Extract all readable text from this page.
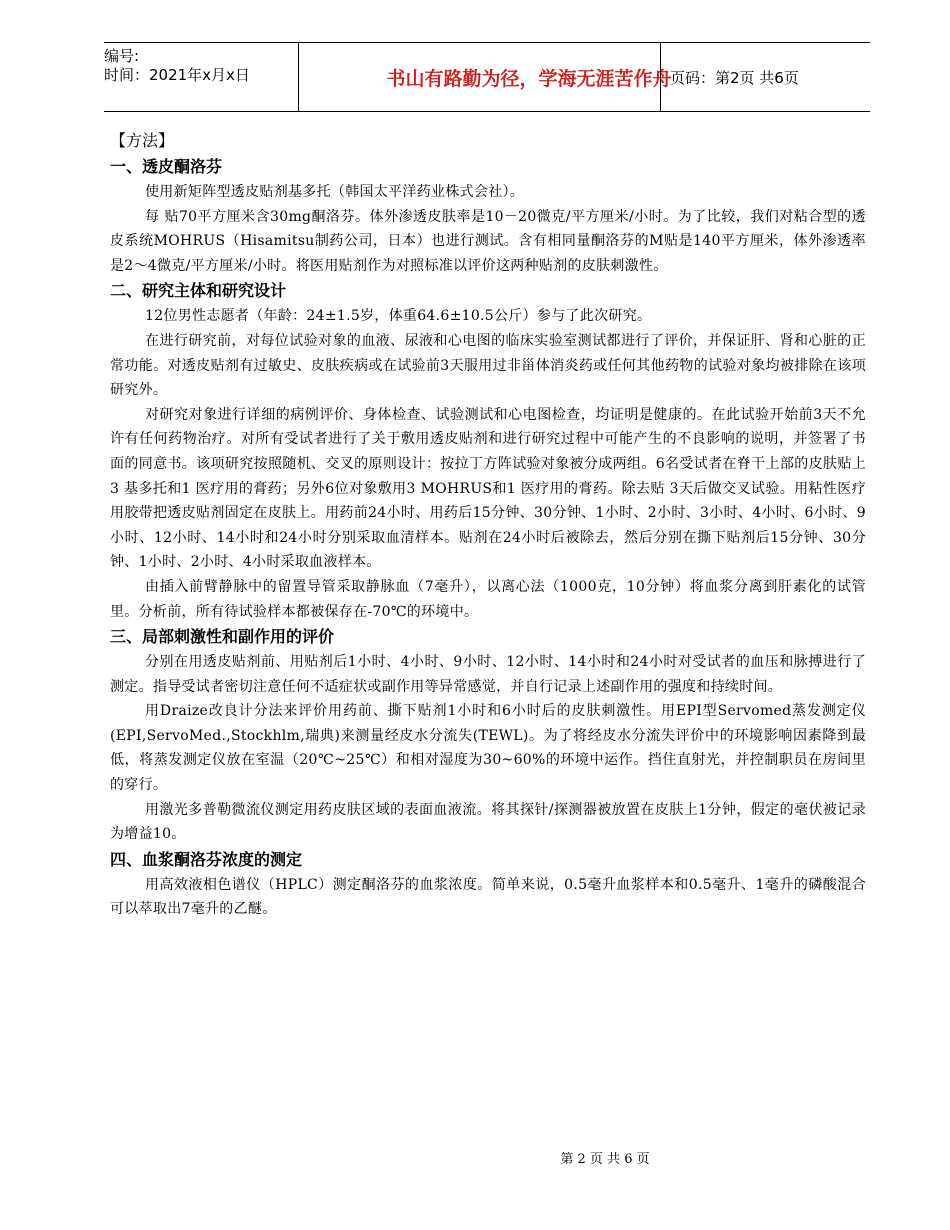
编号:
时间：2021年x月x日	书山有路勤为径，学海无涯苦作舟
页码：第2页 共6页
【方法】
一、透皮酮洛芬

使用新矩阵型透皮贴剂基多托（韩国太平洋药业株式会社）。

每 贴70平方厘米含30mg酮洛芬。体外渗透皮肤率是10－20微克/平方厘米/小时。为了比较，我们对粘合型的透皮系统MOHRUS（Hisamitsu制药公司，日本）也进行测试。含有相同量酮洛芬的M贴是140平方厘米，体外渗透率是2～4微克/平方厘米/小时。将医用贴剂作为对照标准以评价这两种贴剂的皮肤刺激性。

二、研究主体和研究设计

12位男性志愿者（年龄：24±1.5岁，体重64.6±10.5公斤）参与了此次研究。

在进行研究前，对每位试验对象的血液、尿液和心电图的临床实验室测试都进行了评价，并保证肝、肾和心脏的正常功能。对透皮贴剂有过敏史、皮肤疾病或在试验前3天服用过非甾体消炎药或任何其他药物的试验对象均被排除在该项研究外。

对研究对象进行详细的病例评价、身体检查、试验测试和心电图检查，均证明是健康的。在此试验开始前3天不允许有任何药物治疗。对所有受试者进行了关于敷用透皮贴剂和进行研究过程中可能产生的不良影响的说明，并签署了书面的同意书。该项研究按照随机、交叉的原则设计：按拉丁方阵试验对象被分成两组。6名受试者在脊干上部的皮肤贴上3 基多托和1 医疗用的膏药；另外6位对象敷用3 MOHRUS和1 医疗用的膏药。除去贴 3天后做交叉试验。用粘性医疗用胶带把透皮贴剂固定在皮肤上。用药前24小时、用药后15分钟、30分钟、1小时、2小时、3小时、4小时、6小时、9小时、12小时、14小时和24小时分别采取血清样本。贴剂在24小时后被除去，然后分别在撕下贴剂后15分钟、30分钟、1小时、2小时、4小时采取血液样本。

由插入前臂静脉中的留置导管采取静脉血（7毫升），以离心法（1000克，10分钟）将血浆分离到肝素化的试管里。分析前，所有待试验样本都被保存在-70℃的环境中。

三、局部刺激性和副作用的评价

分别在用透皮贴剂前、用贴剂后1小时、4小时、9小时、12小时、14小时和24小时对受试者的血压和脉搏进行了测定。指导受试者密切注意任何不适症状或副作用等异常感觉，并自行记录上述副作用的强度和持续时间。

用Draize改良计分法来评价用药前、撕下贴剂1小时和6小时后的皮肤刺激性。用EPI型Servomed蒸发测定仪(EPI,ServoMed.,Stockhlm,瑞典)来测量经皮水分流失(TEWL)。为了将经皮水分流失评价中的环境影响因素降到最低，将蒸发测定仪放在室温（20℃~25℃）和相对湿度为30~60%的环境中运作。挡住直射光，并控制职员在房间里的穿行。

用激光多普勒微流仪测定用药皮肤区域的表面血液流。将其探针/探测器被放置在皮肤上1分钟，假定的毫伏被记录为增益10。

四、血浆酮洛芬浓度的测定

用高效液相色谱仪（HPLC）测定酮洛芬的血浆浓度。简单来说，0.5毫升血浆样本和0.5毫升、1毫升的磷酸混合可以萃取出7毫升的乙醚。

第 2 页 共 6 页
